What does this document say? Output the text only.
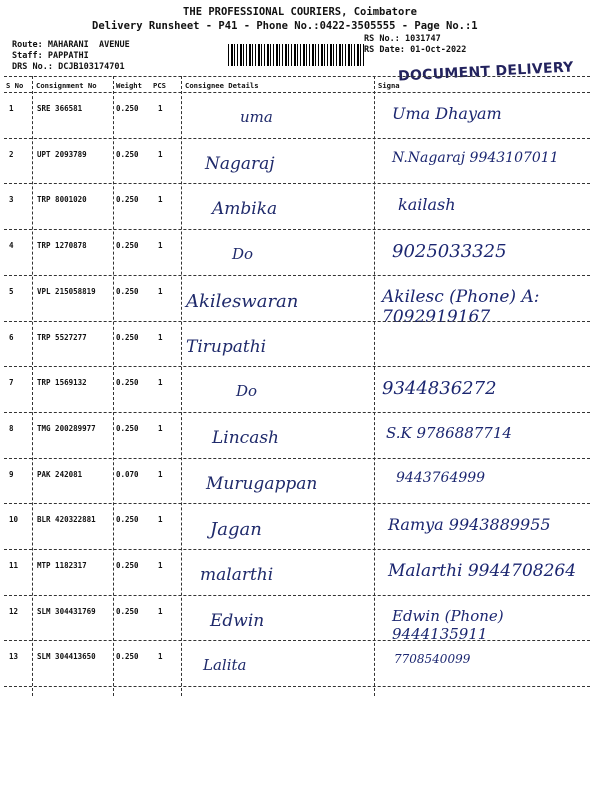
THE PROFESSIONAL COURIERS, Coimbatore
Delivery Runsheet - P41 - Phone No.:0422-3505555 - Page No.:1
Route: MAHARANI  AVENUE
Staff: PAPPATHI
DRS No.: DCJB103174701
RS No.: 1031747
RS Date: 01-Oct-2022
DOCUMENT DELIVERY
S No Consignment No	Weight PCS	Consignee Details	Signa
1	SRE 366581	0.250	1	uma	Uma Dhayam
2	UPT 2093789	0.250	1 Nagaraj	N.Nagaraj 9943107011
3	TRP 8001020	0.250	1	Ambika	kailash
4	TRP 1270878	0.250	1	Do	9025033325
5	VPL 215058819	0.250	1 Akileswaran	Akilesc (Phone) A: 7092919167
6	TRP 5527277	0.250	1 Tirupathi
7	TRP 1569132	0.250	1	Do	9344836272
8	TMG 200289977	0.250	1	Lincash	S.K 9786887714
9	PAK 242081	0.070	1	Murugappan	9443764999
10	BLR 420322881	0.250	1	Jagan	Ramya 9943889955
11	MTP 1182317	0.250	1 malarthi	Malarthi 9944708264
12	SLM 304431769	0.250	1	Edwin	Edwin (Phone) 9444135911
13	SLM 304413650	0.250	1	Lalita	7708540099
